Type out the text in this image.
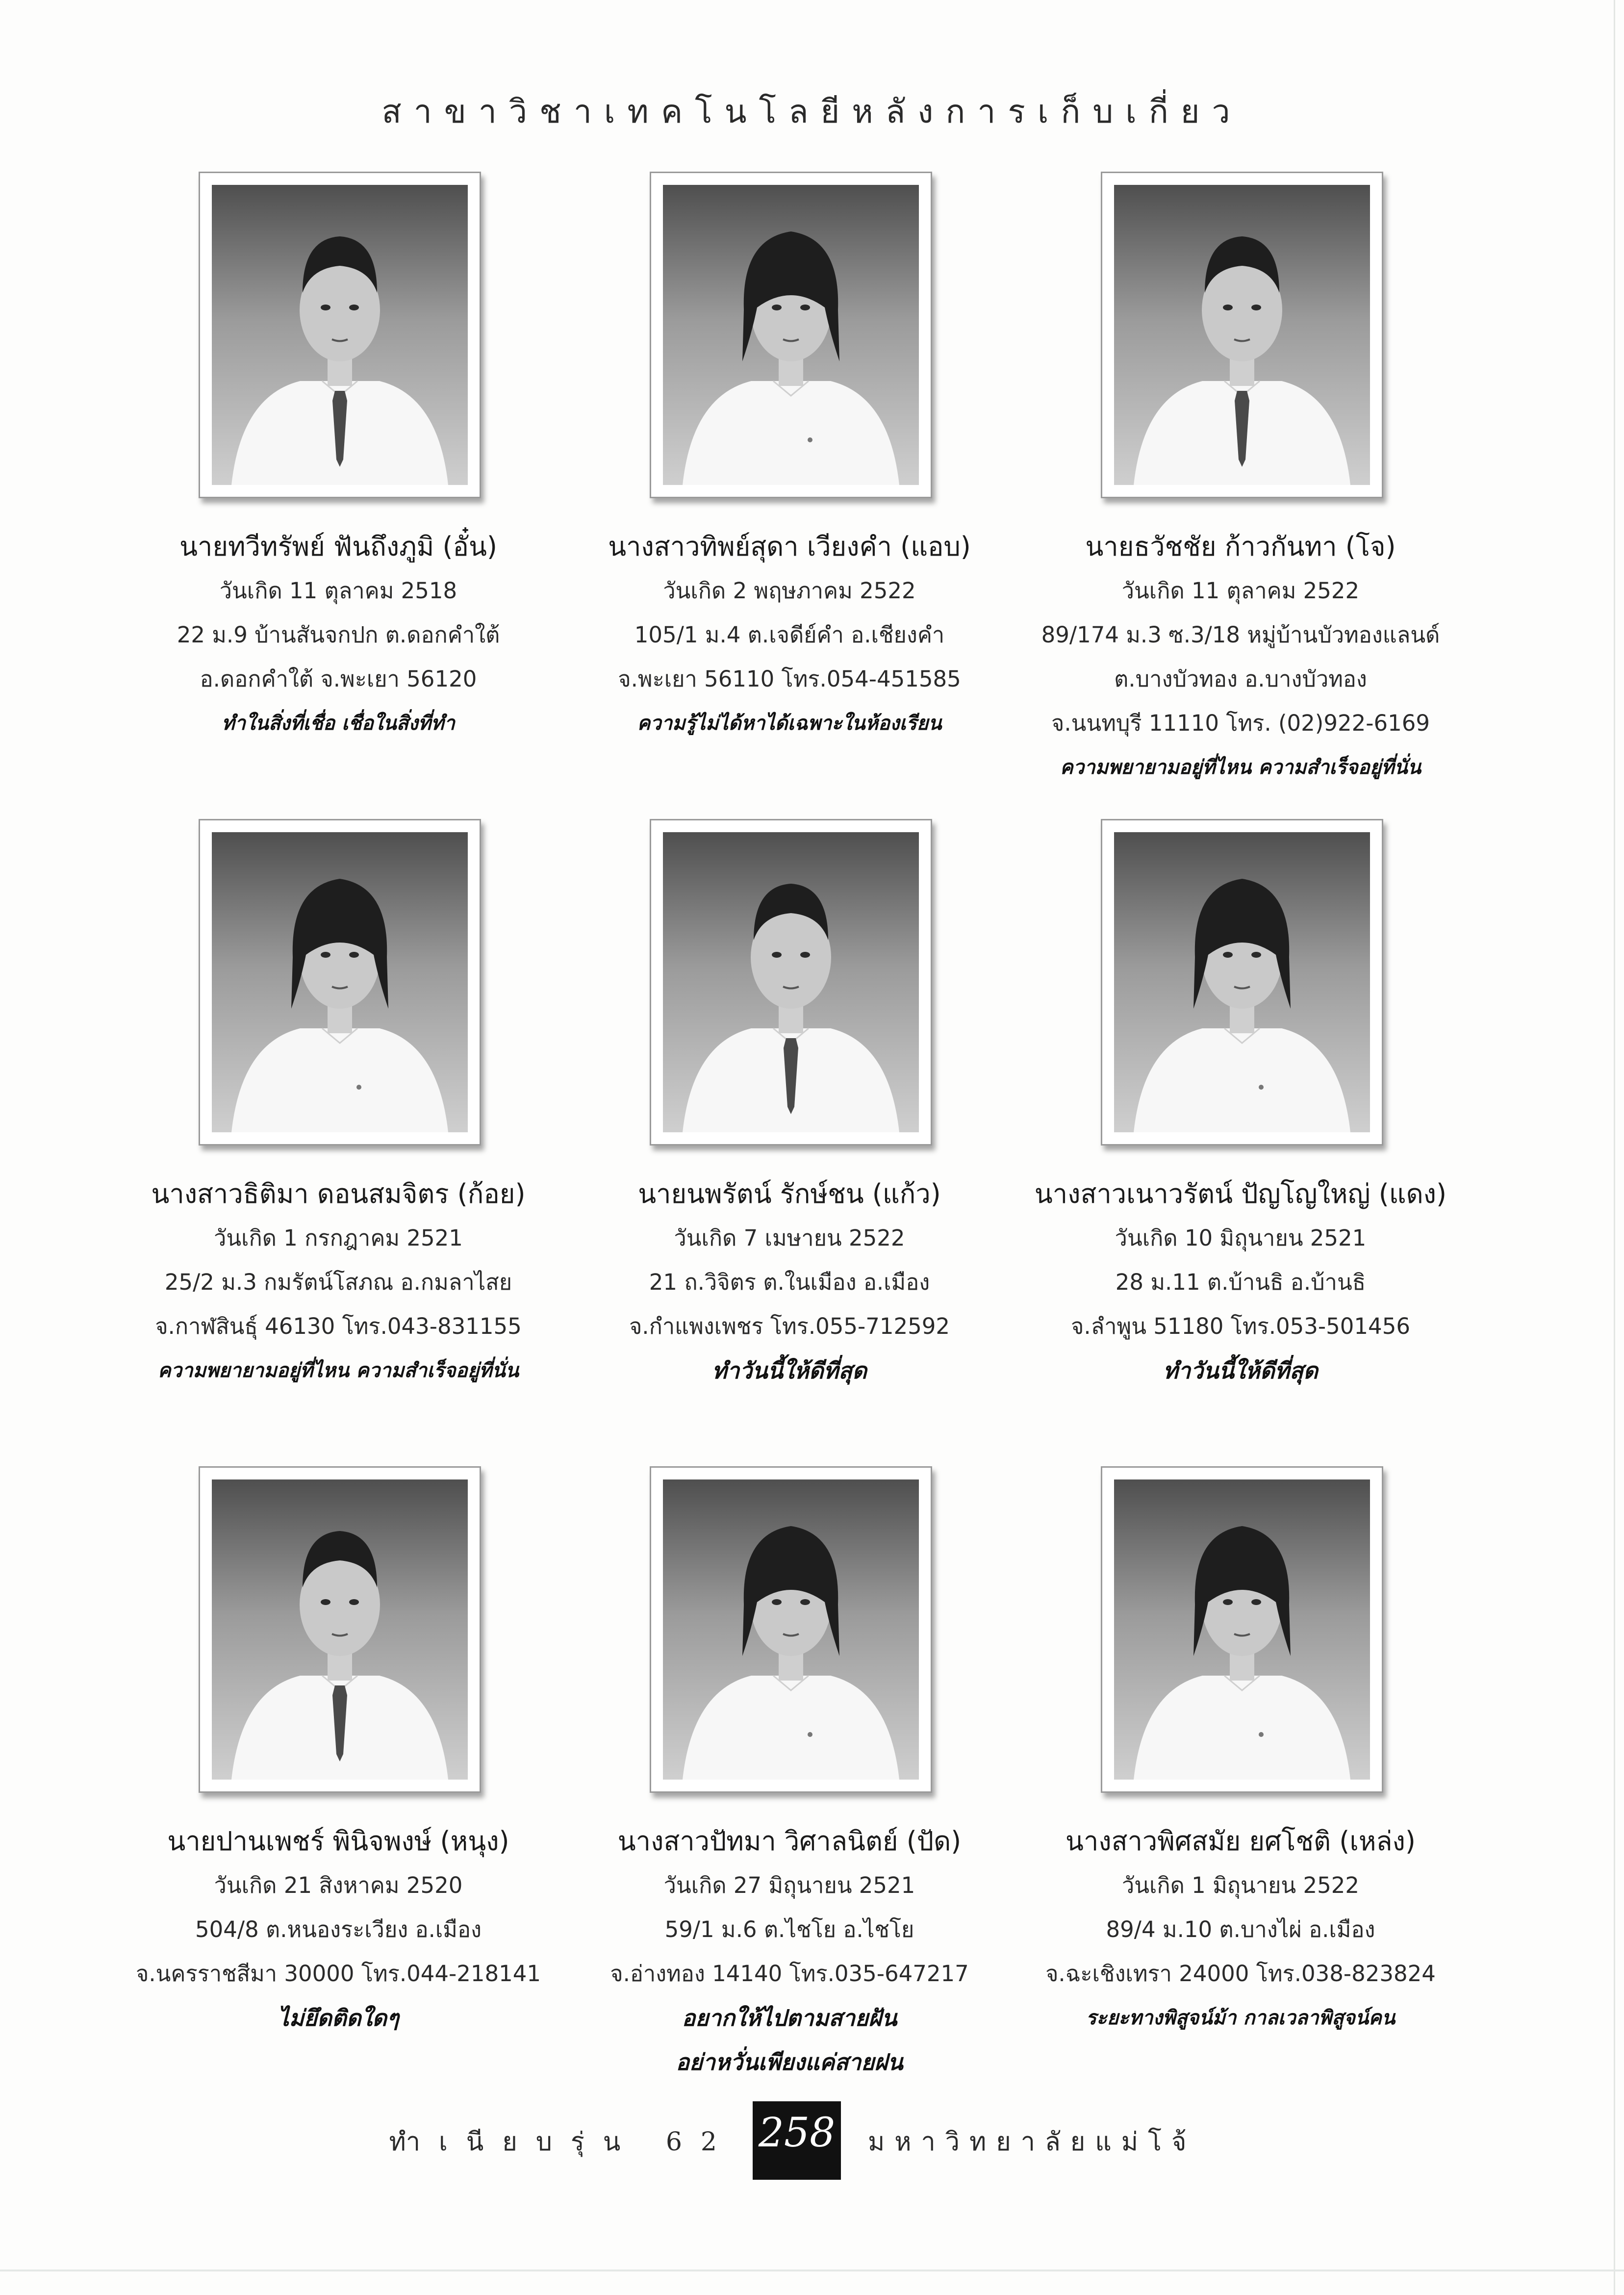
สาขาวิชาเทคโนโลยีหลังการเก็บเกี่ยว
นายทวีทรัพย์ ฟันถึงภูมิ (อั๋น)
วันเกิด 11 ตุลาคม 2518
22 ม.9 บ้านสันจกปก ต.ดอกคำใต้
อ.ดอกคำใต้ จ.พะเยา 56120
ทำในสิ่งที่เชื่อ เชื่อในสิ่งที่ทำ
นางสาวทิพย์สุดา เวียงคำ (แอบ)
วันเกิด 2 พฤษภาคม 2522
105/1 ม.4 ต.เจดีย์คำ อ.เชียงคำ
จ.พะเยา 56110 โทร.054-451585
ความรู้ไม่ได้หาได้เฉพาะในห้องเรียน
นายธวัชชัย ก้าวกันทา (โจ)
วันเกิด 11 ตุลาคม 2522
89/174 ม.3 ซ.3/18 หมู่บ้านบัวทองแลนด์
ต.บางบัวทอง อ.บางบัวทอง
จ.นนทบุรี 11110 โทร. (02)922-6169
ความพยายามอยู่ที่ไหน ความสำเร็จอยู่ที่นั่น
นางสาวธิติมา ดอนสมจิตร (ก้อย)
วันเกิด 1 กรกฎาคม 2521
25/2 ม.3 กมรัตน์โสภณ อ.กมลาไสย
จ.กาฬสินธุ์ 46130 โทร.043-831155
ความพยายามอยู่ที่ไหน ความสำเร็จอยู่ที่นั่น
นายนพรัตน์ รักษ์ชน (แก้ว)
วันเกิด 7 เมษายน 2522
21 ถ.วิจิตร ต.ในเมือง อ.เมือง
จ.กำแพงเพชร โทร.055-712592
ทำวันนี้ให้ดีที่สุด
นางสาวเนาวรัตน์ ปัญโญใหญ่ (แดง)
วันเกิด 10 มิถุนายน 2521
28 ม.11 ต.บ้านธิ อ.บ้านธิ
จ.ลำพูน 51180 โทร.053-501456
ทำวันนี้ให้ดีที่สุด
นายปานเพชร์ พินิจพงษ์ (หนุง)
วันเกิด 21 สิงหาคม 2520
504/8 ต.หนองระเวียง อ.เมือง
จ.นครราชสีมา 30000 โทร.044-218141
ไม่ยึดติดใดๆ
นางสาวปัทมา วิศาลนิตย์ (ปัด)
วันเกิด 27 มิถุนายน 2521
59/1 ม.6 ต.ไชโย อ.ไชโย
จ.อ่างทอง 14140 โทร.035-647217
อยากให้ไปตามสายฝัน
อย่าหวั่นเพียงแค่สายฝน
นางสาวพิศสมัย ยศโชติ (เหล่ง)
วันเกิด 1 มิถุนายน 2522
89/4 ม.10 ต.บางไผ่ อ.เมือง
จ.ฉะเชิงเทรา 24000 โทร.038-823824
ระยะทางพิสูจน์ม้า กาลเวลาพิสูจน์คน
ทำเนียบรุ่น 62 258 มหาวิทยาลัยแม่โจ้
